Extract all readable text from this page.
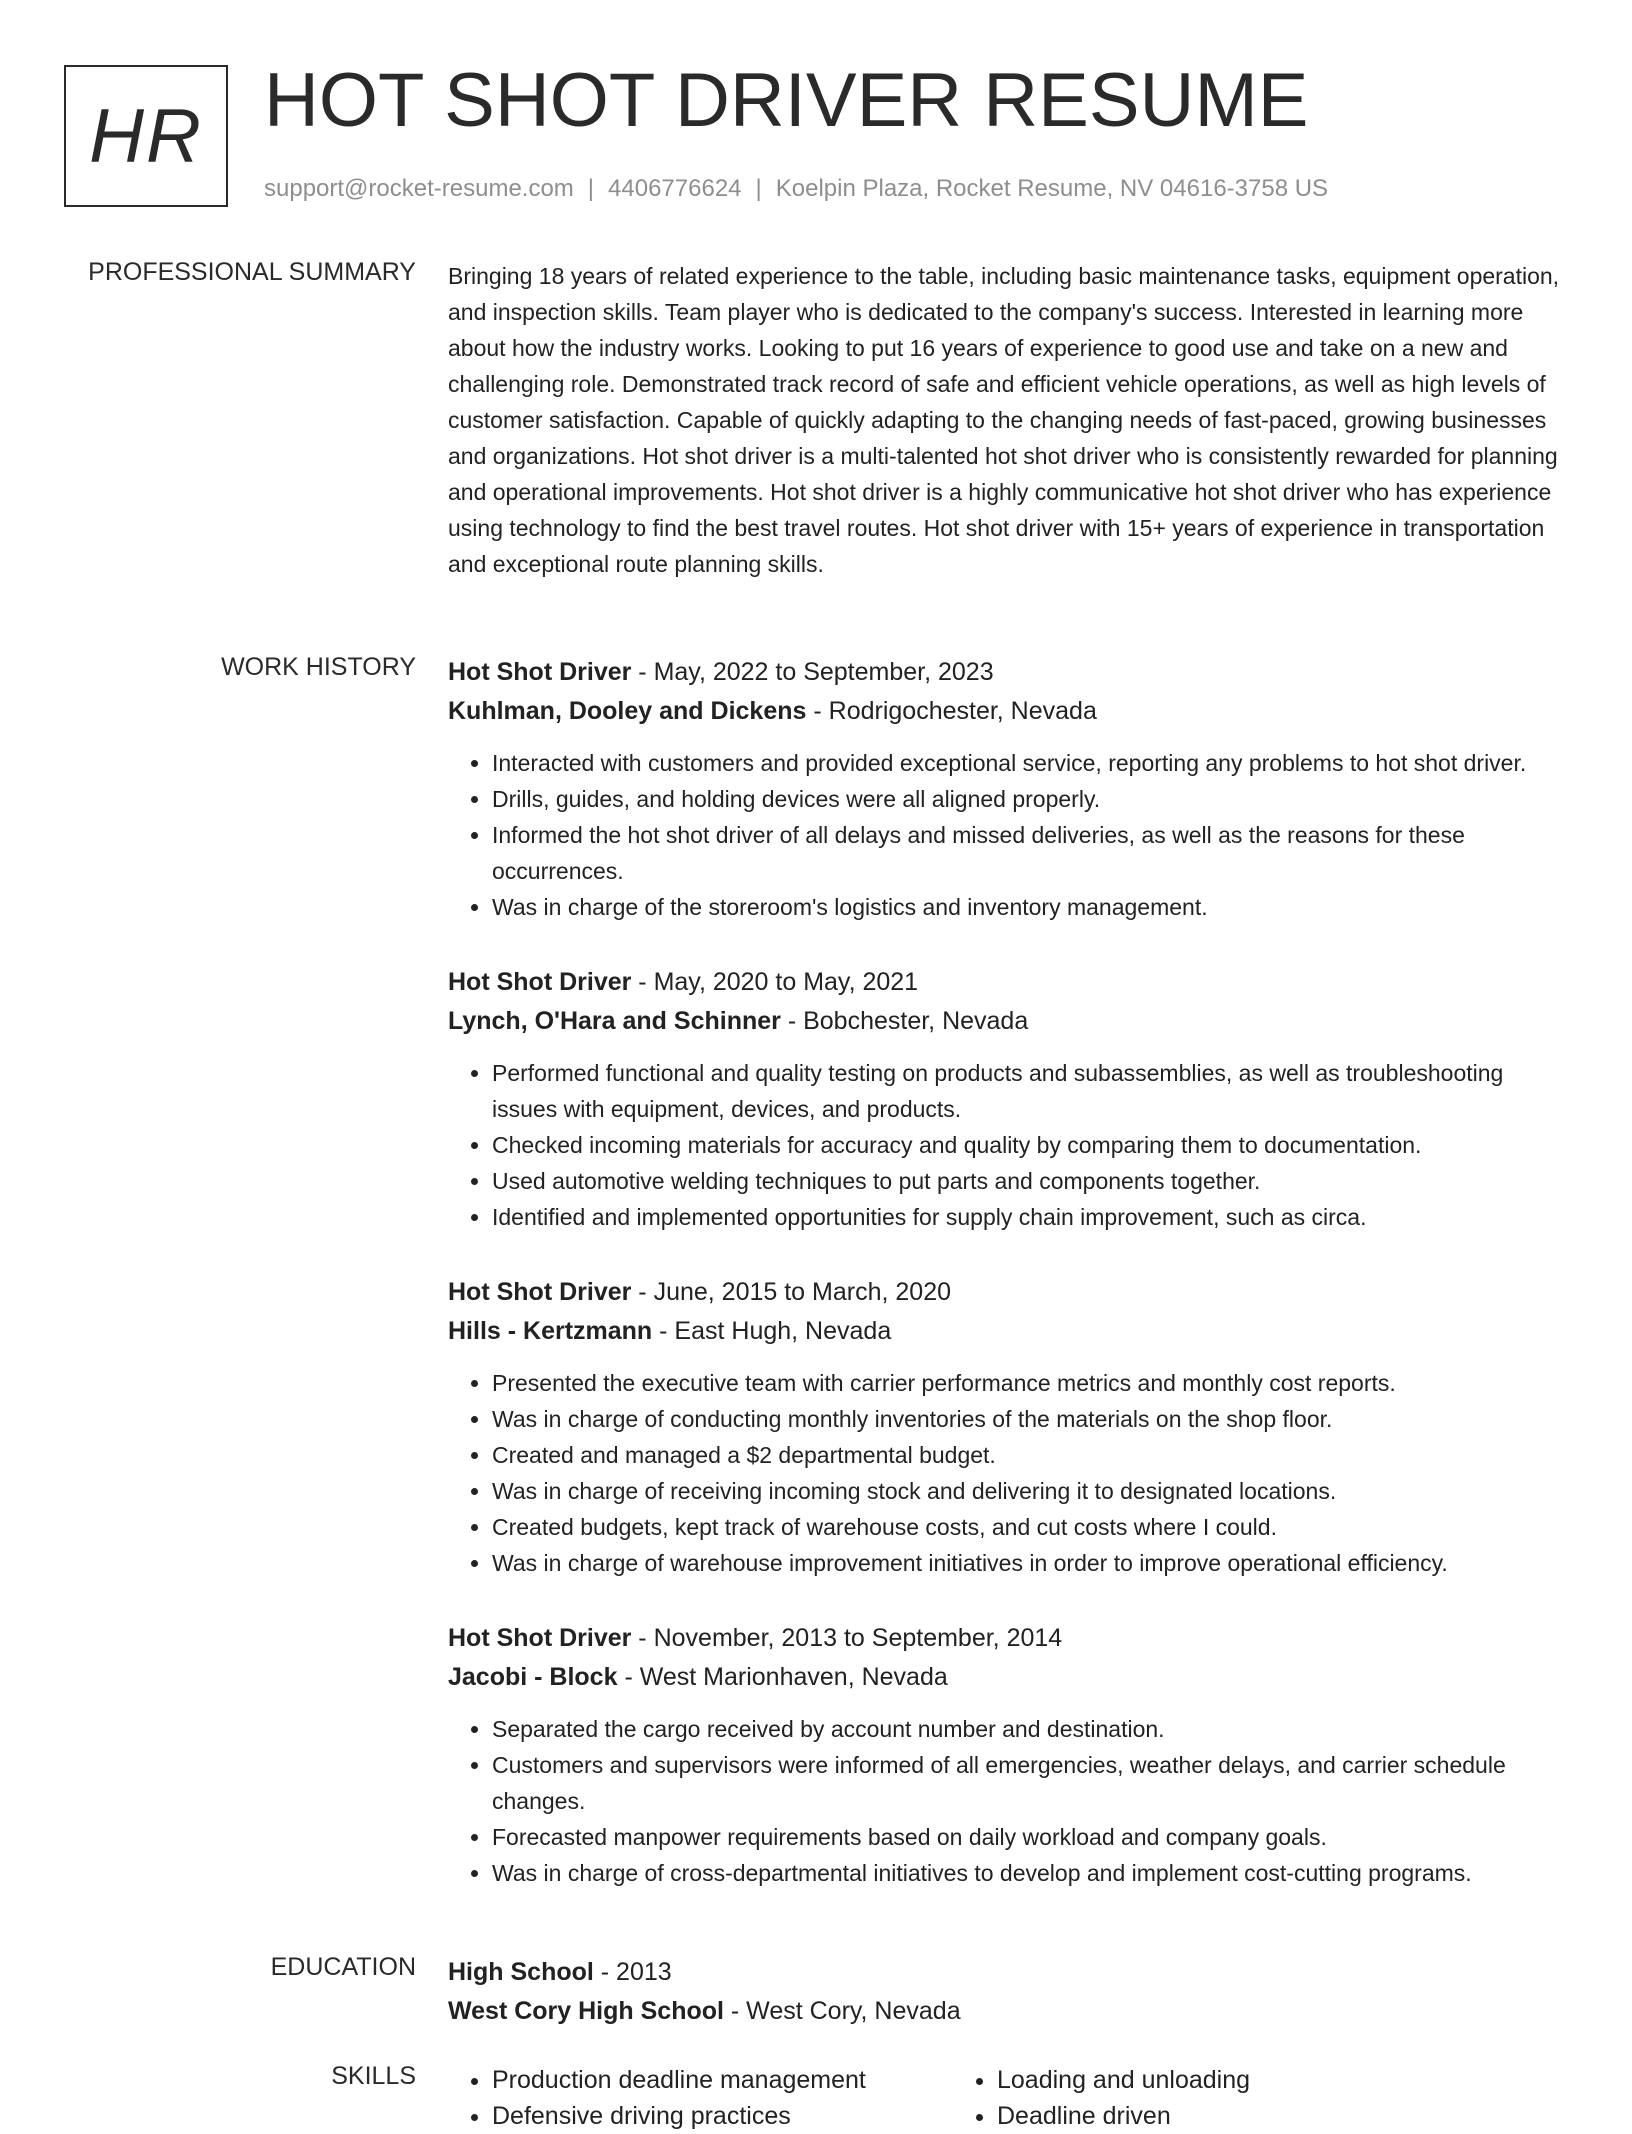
HR HOT SHOT DRIVER RESUME
support@rocket-resume.com | 4406776624 | Koelpin Plaza, Rocket Resume, NV 04616-3758 US
PROFESSIONAL SUMMARY Bringing 18 years of related experience to the table, including basic maintenance tasks, equipment operation, and inspection skills. Team player who is dedicated to the company's success. Interested in learning more about how the industry works. Looking to put 16 years of experience to good use and take on a new and challenging role. Demonstrated track record of safe and efficient vehicle operations, as well as high levels of customer satisfaction. Capable of quickly adapting to the changing needs of fast-paced, growing businesses and organizations. Hot shot driver is a multi-talented hot shot driver who is consistently rewarded for planning and operational improvements. Hot shot driver is a highly communicative hot shot driver who has experience using technology to find the best travel routes. Hot shot driver with 15+ years of experience in transportation and exceptional route planning skills.

WORK HISTORY Hot Shot Driver - May, 2022 to September, 2023
Kuhlman, Dooley and Dickens - Rodrigochester, Nevada
• Interacted with customers and provided exceptional service, reporting any problems to hot shot driver.
• Drills, guides, and holding devices were all aligned properly.
• Informed the hot shot driver of all delays and missed deliveries, as well as the reasons for these occurrences.
• Was in charge of the storeroom's logistics and inventory management.
Hot Shot Driver - May, 2020 to May, 2021
Lynch, O'Hara and Schinner - Bobchester, Nevada
• Performed functional and quality testing on products and subassemblies, as well as troubleshooting issues with equipment, devices, and products.
• Checked incoming materials for accuracy and quality by comparing them to documentation.
• Used automotive welding techniques to put parts and components together.
• Identified and implemented opportunities for supply chain improvement, such as circa.
Hot Shot Driver - June, 2015 to March, 2020
Hills - Kertzmann - East Hugh, Nevada
• Presented the executive team with carrier performance metrics and monthly cost reports.
• Was in charge of conducting monthly inventories of the materials on the shop floor.
• Created and managed a $2 departmental budget.
• Was in charge of receiving incoming stock and delivering it to designated locations.
• Created budgets, kept track of warehouse costs, and cut costs where I could.
• Was in charge of warehouse improvement initiatives in order to improve operational efficiency.
Hot Shot Driver - November, 2013 to September, 2014
Jacobi - Block - West Marionhaven, Nevada
• Separated the cargo received by account number and destination.
• Customers and supervisors were informed of all emergencies, weather delays, and carrier schedule changes.
• Forecasted manpower requirements based on daily workload and company goals.
• Was in charge of cross-departmental initiatives to develop and implement cost-cutting programs.
EDUCATION High School - 2013
West Cory High School - West Cory, Nevada
SKILLS
•	Production deadline management
• Defensive driving practices
• Loading and unloading
• Deadline driven
